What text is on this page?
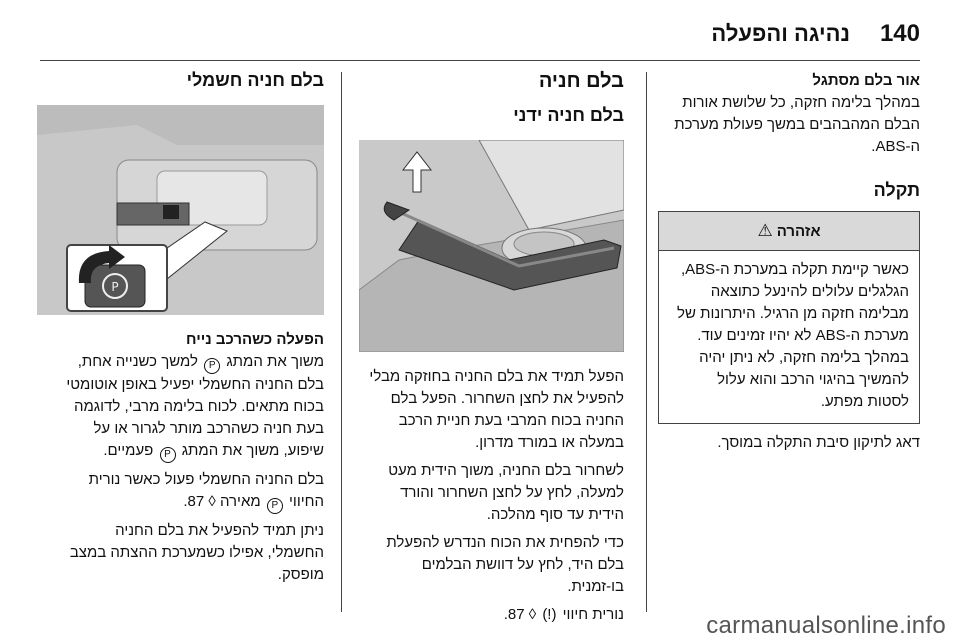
140
נהיגה והפעלה
אור בלם מסתגל

במהלך בלימה חזקה, כל שלושת אורות

הבלם המהבהבים במשך פעולת מערכת

ה-ABS.

תקלה
אזהרה
⚠

כאשר קיימת תקלה במערכת ה-ABS,

הגלגלים עלולים להינעל כתוצאה

מבלימה חזקה מן הרגיל. היתרונות של

מערכת ה-ABS לא יהיו זמינים עוד.

במהלך בלימה חזקה, לא ניתן יהיה

להמשיך בהיגוי הרכב והוא עלול

לסטות מפתע.

דאג לתיקון סיבת התקלה במוסך.

בלם חניה
בלם חניה ידני

הפעל תמיד את בלם החניה בחוזקה מבלי

להפעיל את לחצן השחרור. הפעל בלם

החניה בכוח המרבי בעת חניית הרכב

במעלה או במורד מדרון.

לשחרור בלם החניה, משוך הידית מעט

למעלה, לחץ על לחצן השחרור והורד

הידית עד סוף מהלכה.

כדי להפחית את הכוח הנדרש להפעלת

בלם היד, לחץ על דוושת הבלמים

בו-זמנית.

נורית חיווי (!) ◊ 87.

בלם חניה חשמלי
P
הפעלה כשהרכב נייח

משוך את המתג P למשך כשנייה אחת,

בלם החניה החשמלי יפעיל באופן אוטומטי

בכוח מתאים. לכוח בלימה מרבי, לדוגמה

בעת חניה כשהרכב מותר לגרור או על

שיפוע, משוך את המתג P פעמיים.

בלם החניה החשמלי פעול כאשר נורית

החיווי P מאירה ◊ 87.

ניתן תמיד להפעיל את בלם החניה

החשמלי, אפילו כשמערכת ההצתה במצב

מופסק.

carmanualsonline.info
